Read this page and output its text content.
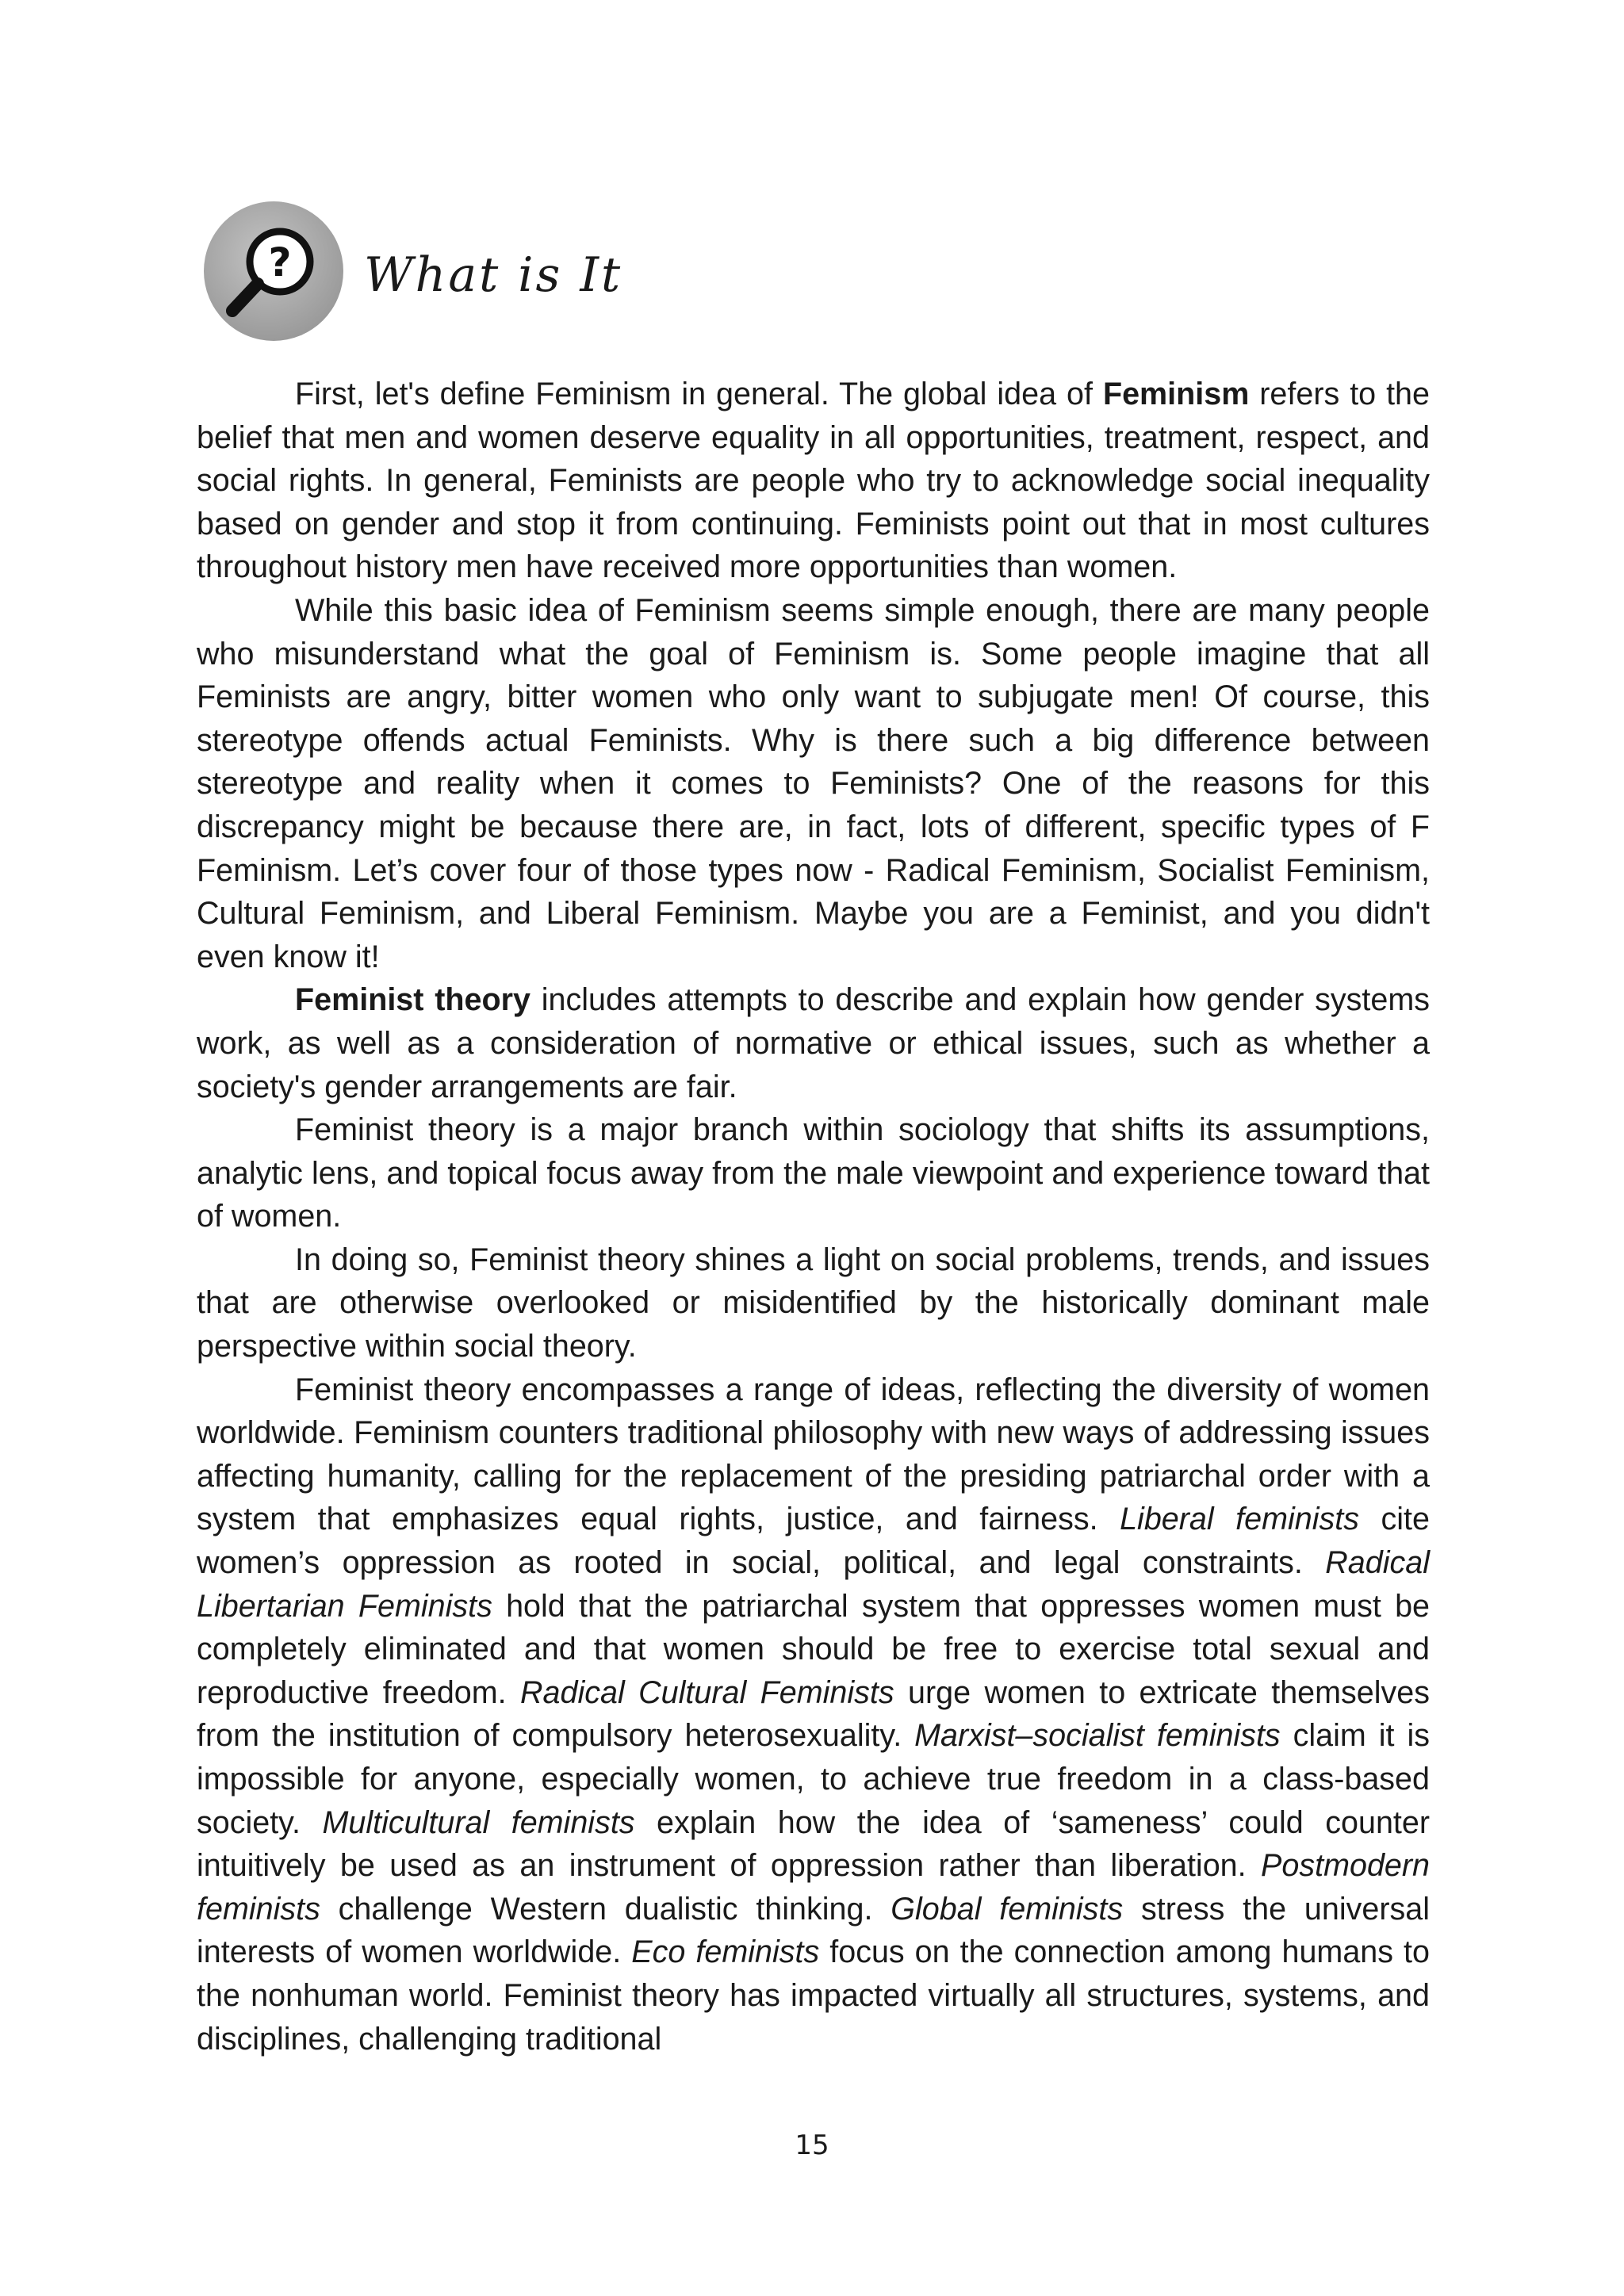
? What is It

First, let's define Feminism in general. The global idea of Feminism refers to the belief that men and women deserve equality in all opportunities, treatment, respect, and social rights. In general, Feminists are people who try to acknowledge social inequality based on gender and stop it from continuing. Feminists point out that in most cultures throughout history men have received more opportunities than women.

While this basic idea of Feminism seems simple enough, there are many people who misunderstand what the goal of Feminism is. Some people imagine that all Feminists are angry, bitter women who only want to subjugate men! Of course, this stereotype offends actual Feminists. Why is there such a big difference between stereotype and reality when it comes to Feminists? One of the reasons for this discrepancy might be because there are, in fact, lots of different, specific types of F Feminism. Let’s cover four of those types now - Radical Feminism, Socialist Feminism, Cultural Feminism, and Liberal Feminism. Maybe you are a Feminist, and you didn't even know it!

Feminist theory includes attempts to describe and explain how gender systems work, as well as a consideration of normative or ethical issues, such as whether a society's gender arrangements are fair.

Feminist theory is a major branch within sociology that shifts its assumptions, analytic lens, and topical focus away from the male viewpoint and experience toward that of women.

In doing so, Feminist theory shines a light on social problems, trends, and issues that are otherwise overlooked or misidentified by the historically dominant male perspective within social theory.

Feminist theory encompasses a range of ideas, reflecting the diversity of women worldwide. Feminism counters traditional philosophy with new ways of addressing issues affecting humanity, calling for the replacement of the presiding patriarchal order with a system that emphasizes equal rights, justice, and fairness. Liberal feminists cite women’s oppression as rooted in social, political, and legal constraints. Radical Libertarian Feminists hold that the patriarchal system that oppresses women must be completely eliminated and that women should be free to exercise total sexual and reproductive freedom. Radical Cultural Feminists urge women to extricate themselves from the institution of compulsory heterosexuality. Marxist–socialist feminists claim it is impossible for anyone, especially women, to achieve true freedom in a class-based society. Multicultural feminists explain how the idea of ‘sameness’ could counter intuitively be used as an instrument of oppression rather than liberation. Postmodern feminists challenge Western dualistic thinking. Global feminists stress the universal interests of women worldwide. Eco feminists focus on the connection among humans to the nonhuman world. Feminist theory has impacted virtually all structures, systems, and disciplines, challenging traditional

15
